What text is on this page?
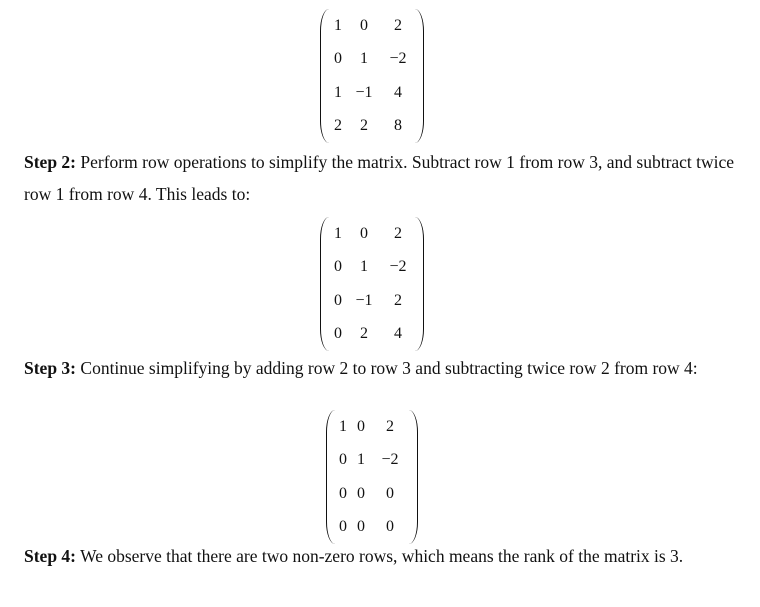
1	0	2
0	1	−2
1	−1	4
2	2	8
Step 2: Perform row operations to simplify the matrix. Subtract row 1 from row 3, and subtract twice row 1 from row 4. This leads to:
1	0	2
0	1	−2
0	−1	2
0	2	4
Step 3: Continue simplifying by adding row 2 to row 3 and subtracting twice row 2 from row 4:
1	0	2
0	1	−2
0	0	0
0	0	0
Step 4: We observe that there are two non-zero rows, which means the rank of the matrix is 3.
